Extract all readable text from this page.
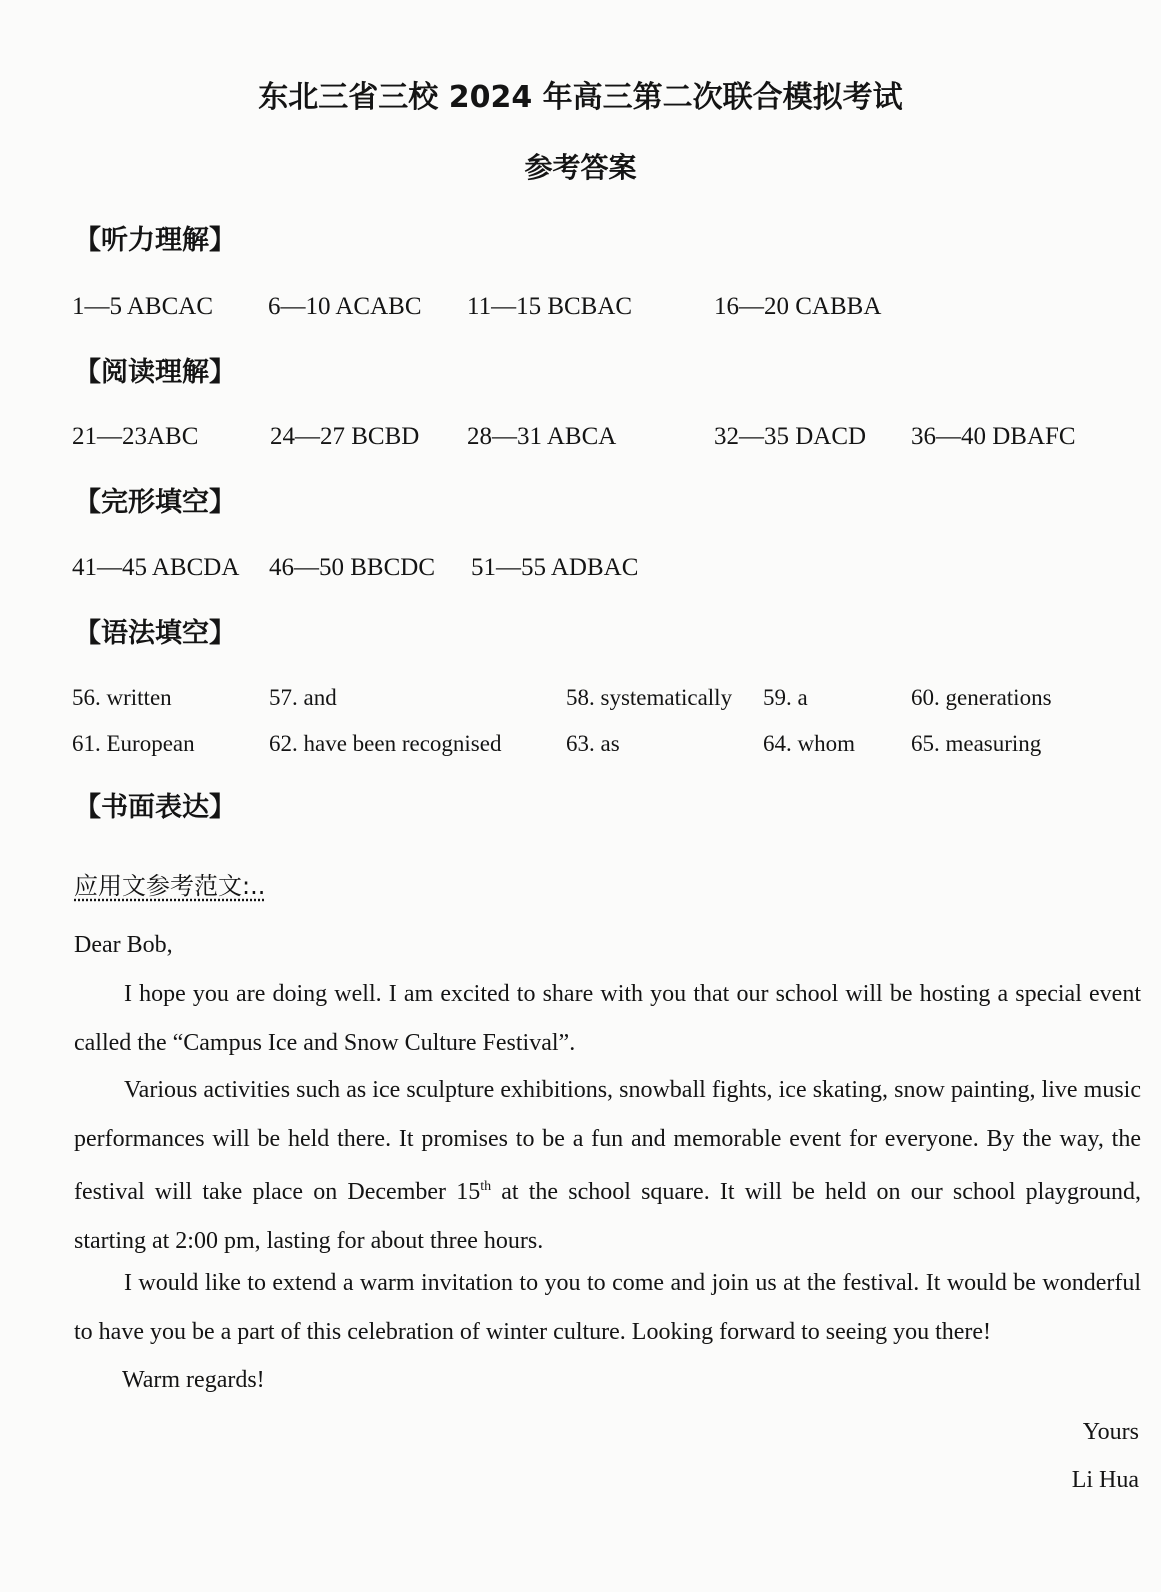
东北三省三校 2024 年高三第二次联合模拟考试
参考答案
【听力理解】
1—5 ABCAC 6—10 ACABC 11—15 BCBAC	16—20 CABBA
【阅读理解】
21—23ABC	24—27 BCBD 28—31 ABCA	32—35 DACD 36—40 DBAFC
【完形填空】
41—45 ABCDA 46—50 BBCDC 51—55 ADBAC
【语法填空】
56. written	57. and	58. systematically 59. a	60. generations
61. European	62. have been recognised	63. as	64. whom 65. measuring
【书面表达】
应用文参考范文:..
Dear Bob,

I hope you are doing well. I am excited to share with you that our school will be hosting a special event called the “Campus Ice and Snow Culture Festival”.

Various activities such as ice sculpture exhibitions, snowball fights, ice skating, snow painting, live music performances will be held there. It promises to be a fun and memorable event for everyone. By the way, the festival will take place on December 15th at the school square. It will be held on our school playground, starting at 2:00 pm, lasting for about three hours.

I would like to extend a warm invitation to you to come and join us at the festival. It would be wonderful to have you be a part of this celebration of winter culture. Looking forward to seeing you there!

Warm regards!
Yours
Li Hua
